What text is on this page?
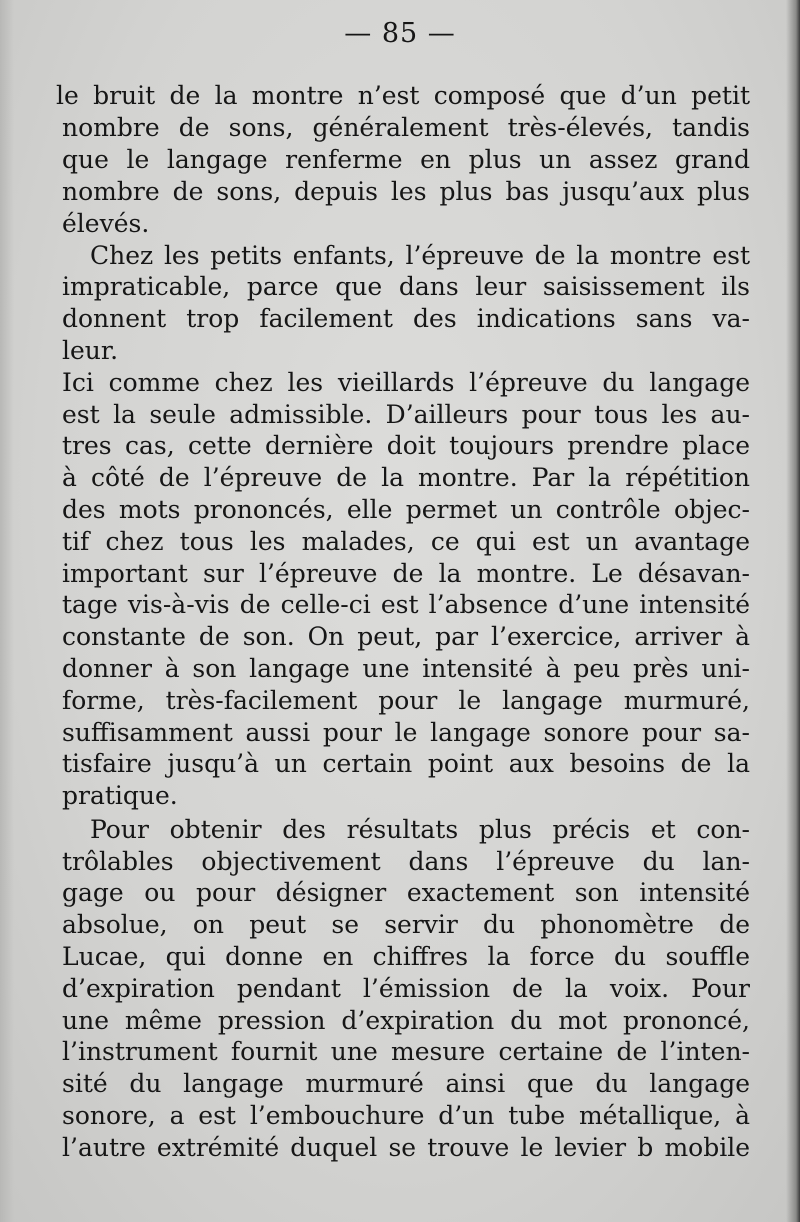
— 85 —
le bruit de la montre n’est composé que d’un petit
nombre de sons, généralement très-élevés, tandis
que le langage renferme en plus un assez grand
nombre de sons, depuis les plus bas jusqu’aux plus
élevés.
Chez les petits enfants, l’épreuve de la montre est
impraticable, parce que dans leur saisissement ils
donnent trop facilement des indications sans va-
leur.
Ici comme chez les vieillards l’épreuve du langage
est la seule admissible. D’ailleurs pour tous les au-
tres cas, cette dernière doit toujours prendre place
à côté de l’épreuve de la montre. Par la répétition
des mots prononcés, elle permet un contrôle objec-
tif chez tous les malades, ce qui est un avantage
important sur l’épreuve de la montre. Le désavan-
tage vis-à-vis de celle-ci est l’absence d’une intensité
constante de son. On peut, par l’exercice, arriver à
donner à son langage une intensité à peu près uni-
forme, très-facilement pour le langage murmuré,
suffisamment aussi pour le langage sonore pour sa-
tisfaire jusqu’à un certain point aux besoins de la
pratique.
Pour obtenir des résultats plus précis et con-
trôlables objectivement dans l’épreuve du lan-
gage ou pour désigner exactement son intensité
absolue, on peut se servir du phonomètre de
Lucae, qui donne en chiffres la force du souffle
d’expiration pendant l’émission de la voix. Pour
une même pression d’expiration du mot prononcé,
l’instrument fournit une mesure certaine de l’inten-
sité du langage murmuré ainsi que du langage
sonore, a est l’embouchure d’un tube métallique, à
l’autre extrémité duquel se trouve le levier b mobile
